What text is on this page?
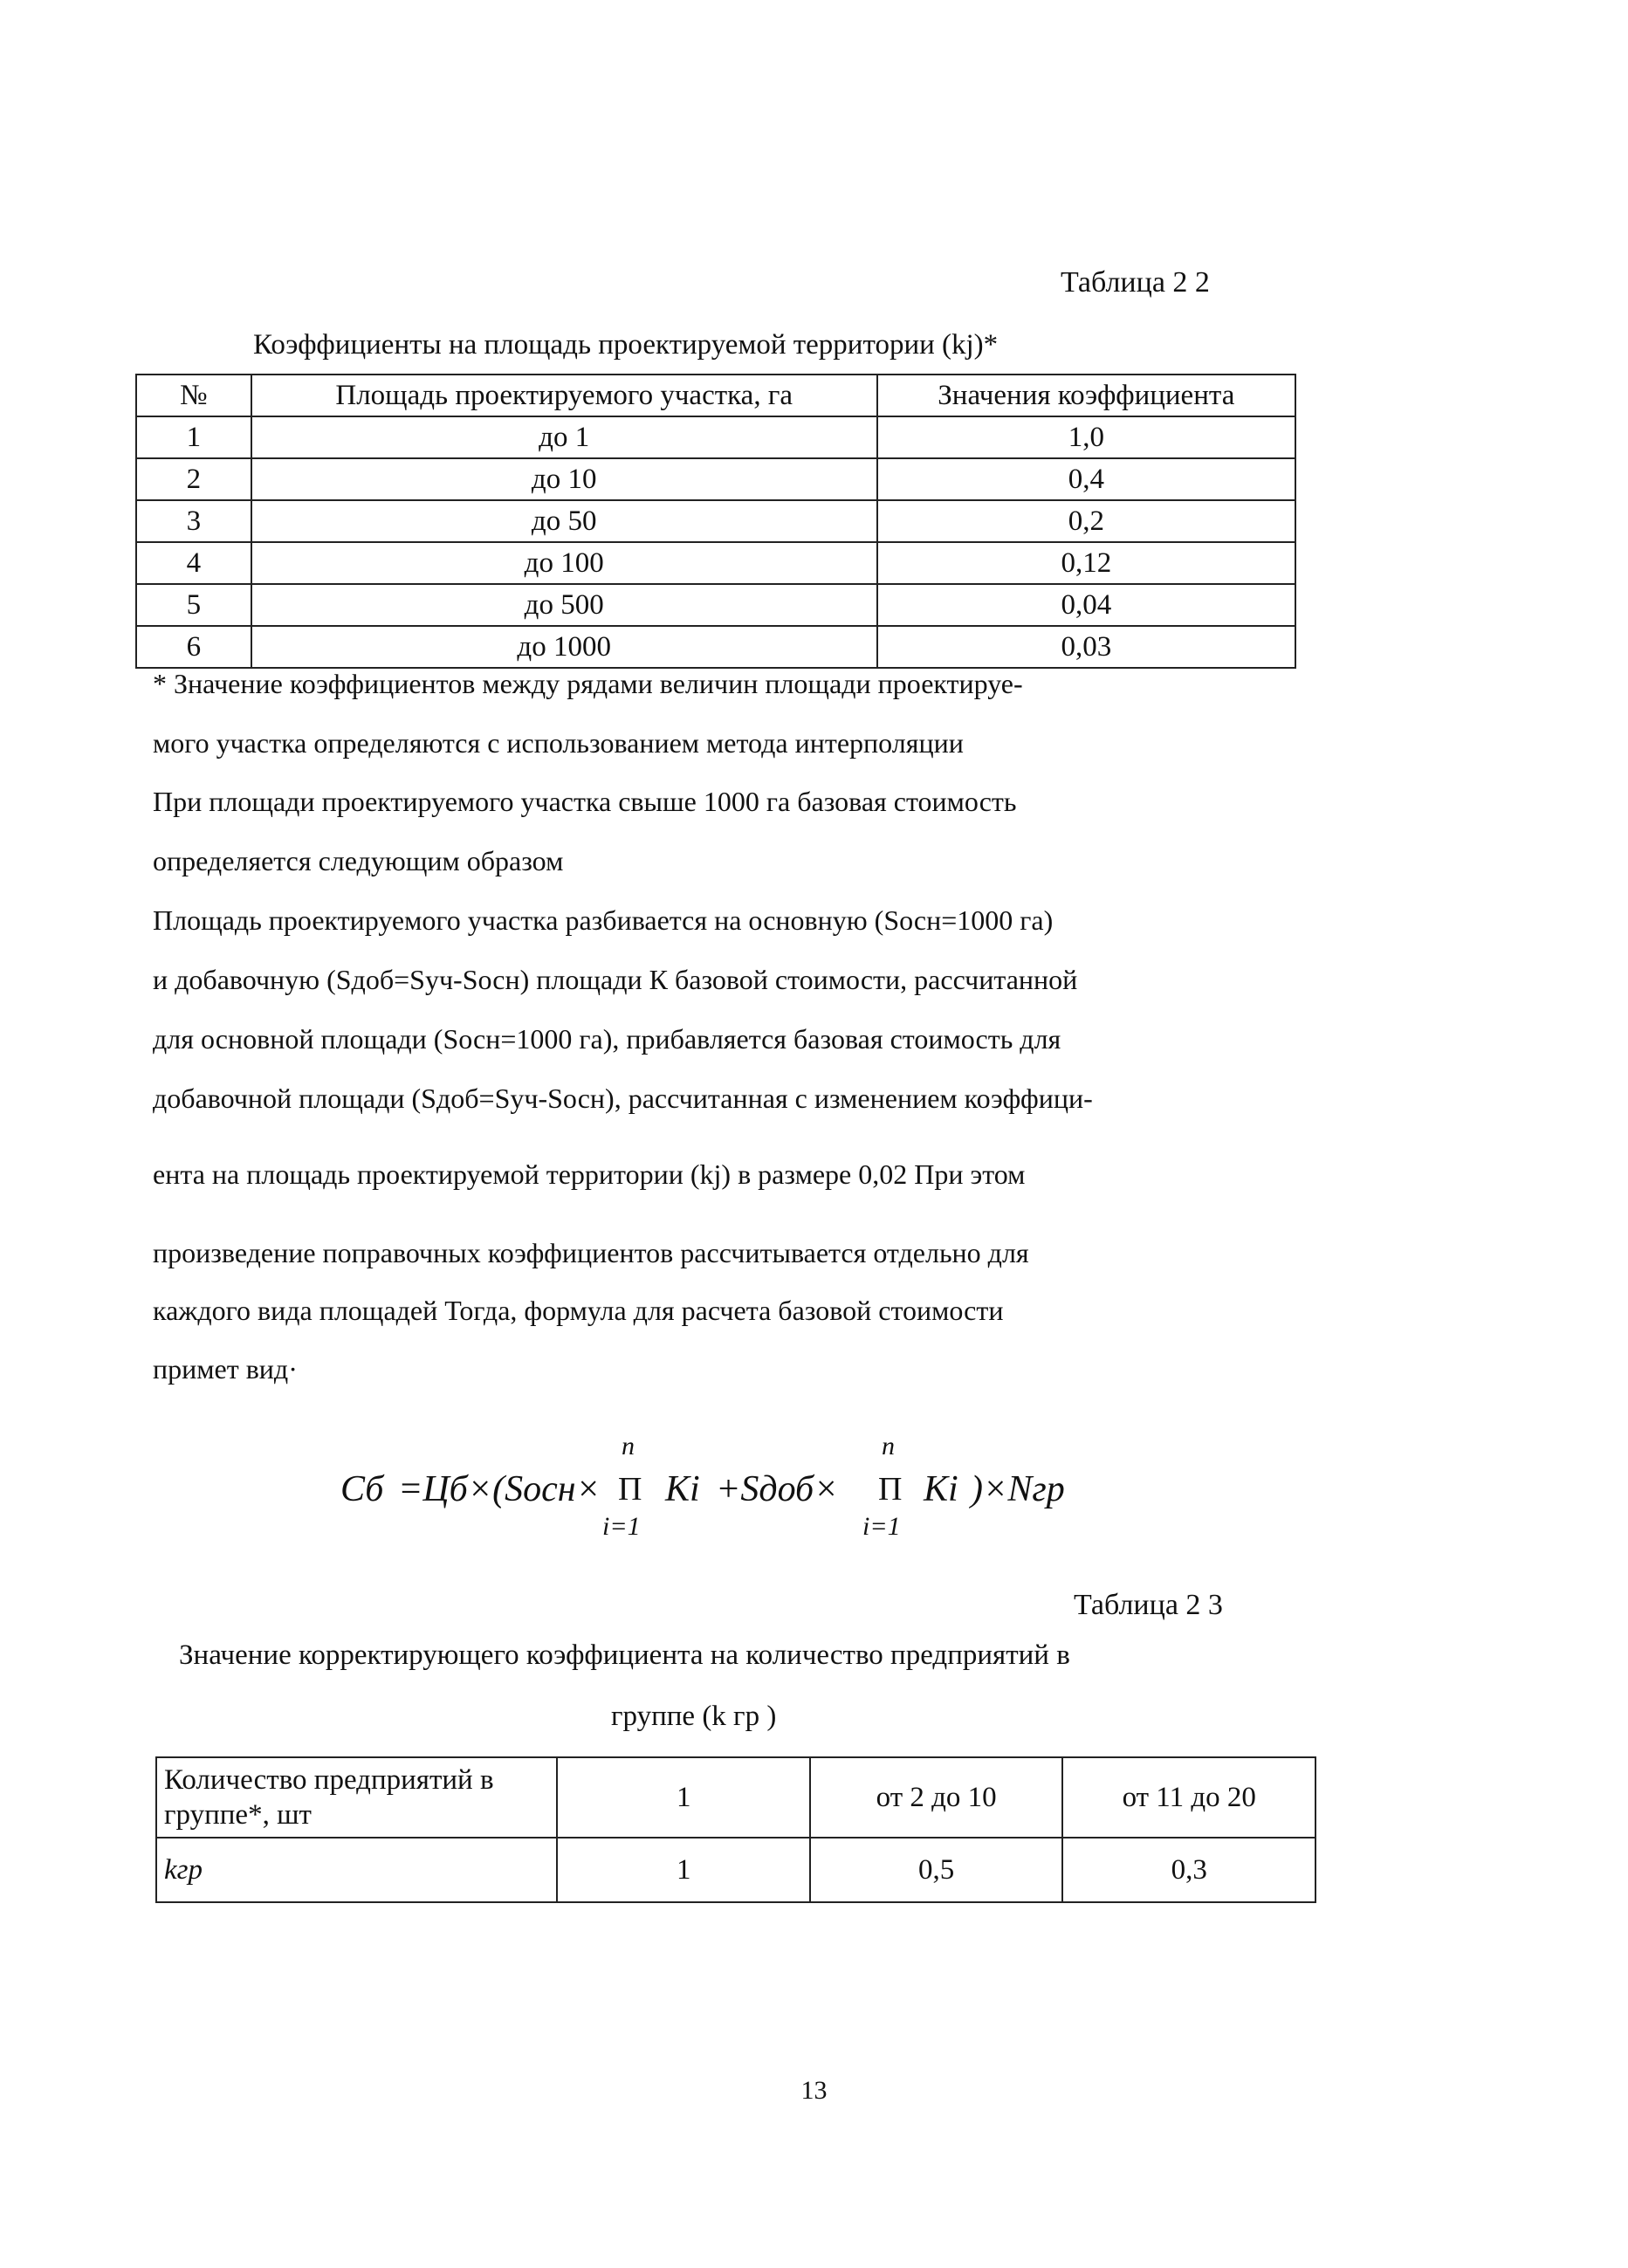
Таблица 2 2
Коэффициенты на площадь проектируемой территории (kj)*
№	Площадь проектируемого участка, га	Значения коэффициента
1	до 1	1,0
2	до 10	0,4
3	до 50	0,2
4	до 100	0,12
5	до 500	0,04
6	до 1000	0,03
* Значение коэффициентов между рядами величин площади проектируе-
мого участка определяются с использованием метода интерполяции
При площади проектируемого участка свыше 1000 га базовая стоимость
определяется следующим образом
Площадь проектируемого участка разбивается на основную (Sосн=1000 га)
и добавочную (Sдоб=Sуч-Sосн) площади К базовой стоимости, рассчитанной
для основной площади (Sосн=1000 га), прибавляется базовая стоимость для
добавочной площади (Sдоб=Sуч-Sосн), рассчитанная с изменением коэффици-
ента на площадь проектируемой территории (kj) в размере 0,02 При этом
произведение поправочных коэффициентов рассчитывается отдельно для
каждого вида площадей Тогда, формула для расчета базовой стоимости
примет вид·
Сб =Цб×(Sосн×
n
Π
i=1
Ki +Sдоб×
n
Π
i=1
Ki )×Nгр
Таблица 2 3
Значение корректирующего коэффициента на количество предприятий в
группе (k гр )
Количество предприятий в группе*, шт	1	от 2 до 10	от 11 до 20
kгр	1	0,5	0,3
13
